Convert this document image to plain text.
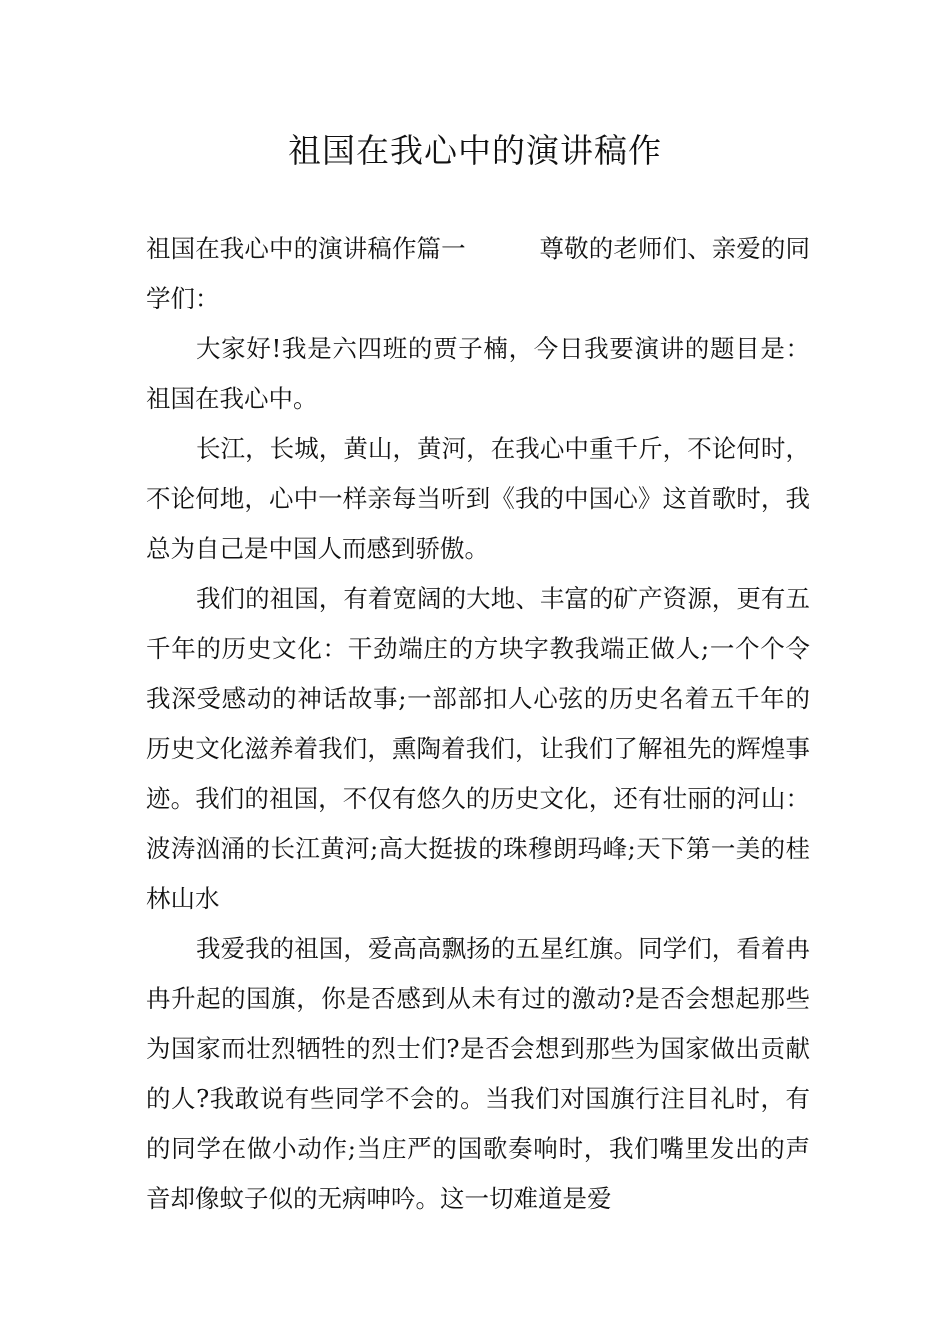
祖国在我心中的演讲稿作

祖国在我心中的演讲稿作篇一　　　尊敬的老师们、亲爱的同学们：

大家好!我是六四班的贾子楠，今日我要演讲的题目是：祖国在我心中。

长江，长城，黄山，黄河，在我心中重千斤，不论何时，不论何地，心中一样亲每当听到《我的中国心》这首歌时，我总为自己是中国人而感到骄傲。

我们的祖国，有着宽阔的大地、丰富的矿产资源，更有五千年的历史文化：干劲端庄的方块字教我端正做人;一个个令我深受感动的神话故事;一部部扣人心弦的历史名着五千年的历史文化滋养着我们，熏陶着我们，让我们了解祖先的辉煌事迹。我们的祖国，不仅有悠久的历史文化，还有壮丽的河山：波涛汹涌的长江黄河;高大挺拔的珠穆朗玛峰;天下第一美的桂林山水

我爱我的祖国，爱高高飘扬的五星红旗。同学们，看着冉冉升起的国旗，你是否感到从未有过的激动?是否会想起那些为国家而壮烈牺牲的烈士们?是否会想到那些为国家做出贡献的人?我敢说有些同学不会的。当我们对国旗行注目礼时，有的同学在做小动作;当庄严的国歌奏响时，我们嘴里发出的声音却像蚊子似的无病呻吟。这一切难道是爱
